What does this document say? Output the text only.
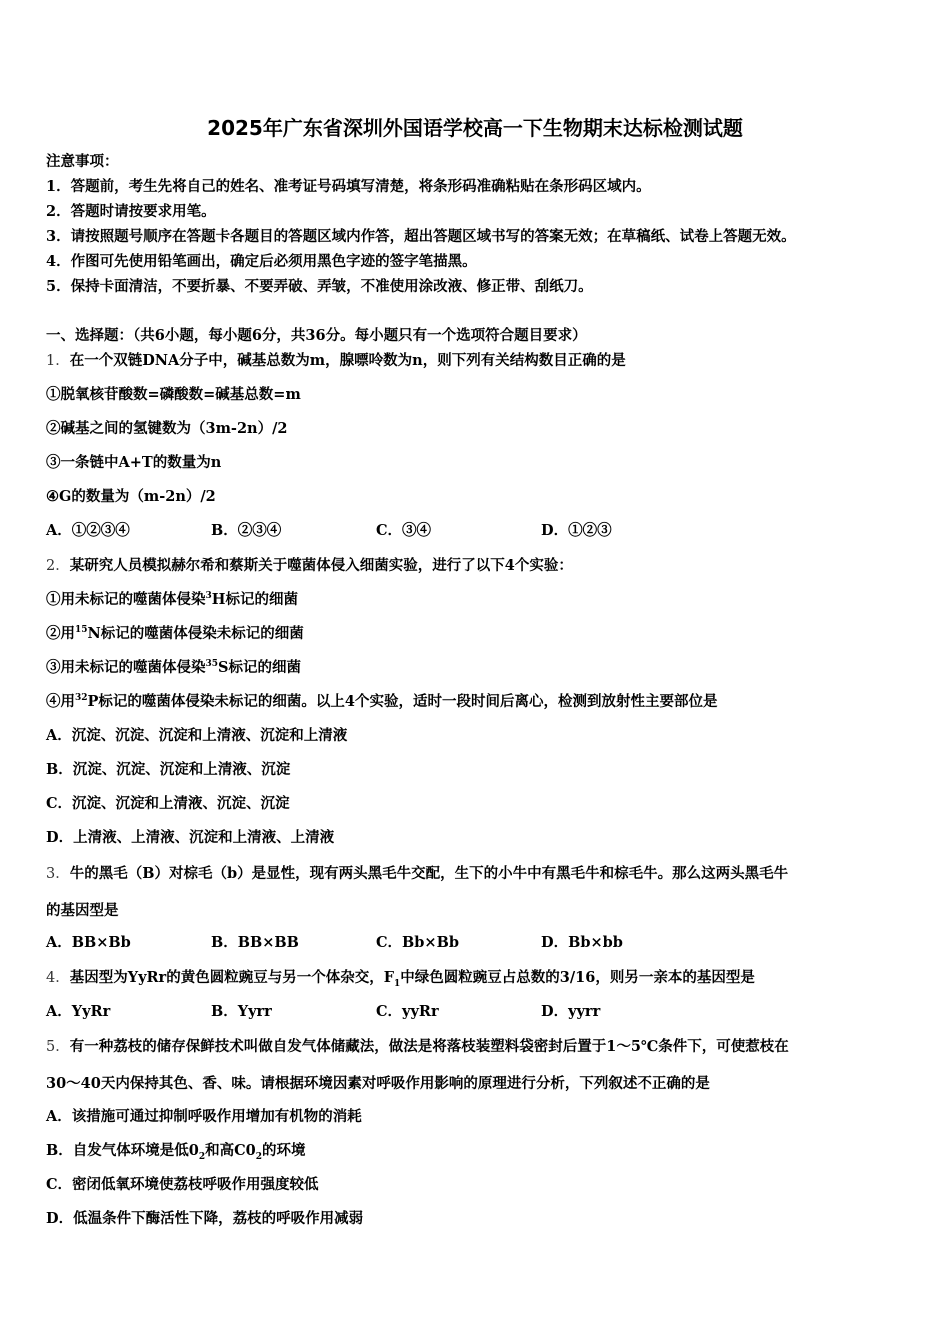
2025年广东省深圳外国语学校高一下生物期末达标检测试题
注意事项：
1．答题前，考生先将自己的姓名、准考证号码填写清楚，将条形码准确粘贴在条形码区域内。
2．答题时请按要求用笔。
3．请按照题号顺序在答题卡各题目的答题区域内作答，超出答题区域书写的答案无效；在草稿纸、试卷上答题无效。
4．作图可先使用铅笔画出，确定后必须用黑色字迹的签字笔描黑。
5．保持卡面清洁，不要折暴、不要弄破、弄皱，不准使用涂改液、修正带、刮纸刀。
一、选择题：（共6小题，每小题6分，共36分。每小题只有一个选项符合题目要求）
1．在一个双链DNA分子中，碱基总数为m，腺嘌呤数为n，则下列有关结构数目正确的是
①脱氧核苷酸数=磷酸数=碱基总数=m
②碱基之间的氢键数为（3m-2n）/2
③一条链中A+T的数量为n
④G的数量为（m-2n）/2
A．①②③④	B．②③④	C．③④	D．①②③
2．某研究人员模拟赫尔希和蔡斯关于噬菌体侵入细菌实验，进行了以下4个实验：
①用未标记的噬菌体侵染$^3$H标记的细菌
②用$^{15}$N标记的噬菌体侵染未标记的细菌
③用未标记的噬菌体侵染$^{35}$S标记的细菌
④用$^{32}$P标记的噬菌体侵染未标记的细菌。以上4个实验，适时一段时间后离心，检测到放射性主要部位是
A．沉淀、沉淀、沉淀和上清液、沉淀和上清液
B．沉淀、沉淀、沉淀和上清液、沉淀
C．沉淀、沉淀和上清液、沉淀、沉淀
D．上清液、上清液、沉淀和上清液、上清液
3．牛的黑毛（B）对棕毛（b）是显性，现有两头黑毛牛交配，生下的小牛中有黑毛牛和棕毛牛。那么这两头黑毛牛
的基因型是
A．BB×Bb	B．BB×BB	C．Bb×Bb	D．Bb×bb
4．基因型为YyRr的黄色圆粒豌豆与另一个体杂交，$F_1$中绿色圆粒豌豆占总数的3/16，则另一亲本的基因型是
A．YyRr	B．Yyrr	C．yyRr	D．yyrr
5．有一种荔枝的储存保鲜技术叫做自发气体储藏法，做法是将落枝装塑料袋密封后置于1～5℃条件下，可使惹枝在
30～40天内保持其色、香、味。请根据环境因素对呼吸作用影响的原理进行分析，下列叙述不正确的是
A．该措施可通过抑制呼吸作用增加有机物的消耗
B．自发气体环境是低$0_2$和高$C0_2$的环境
C．密闭低氧环境使荔枝呼吸作用强度较低
D．低温条件下酶活性下降，荔枝的呼吸作用减弱
